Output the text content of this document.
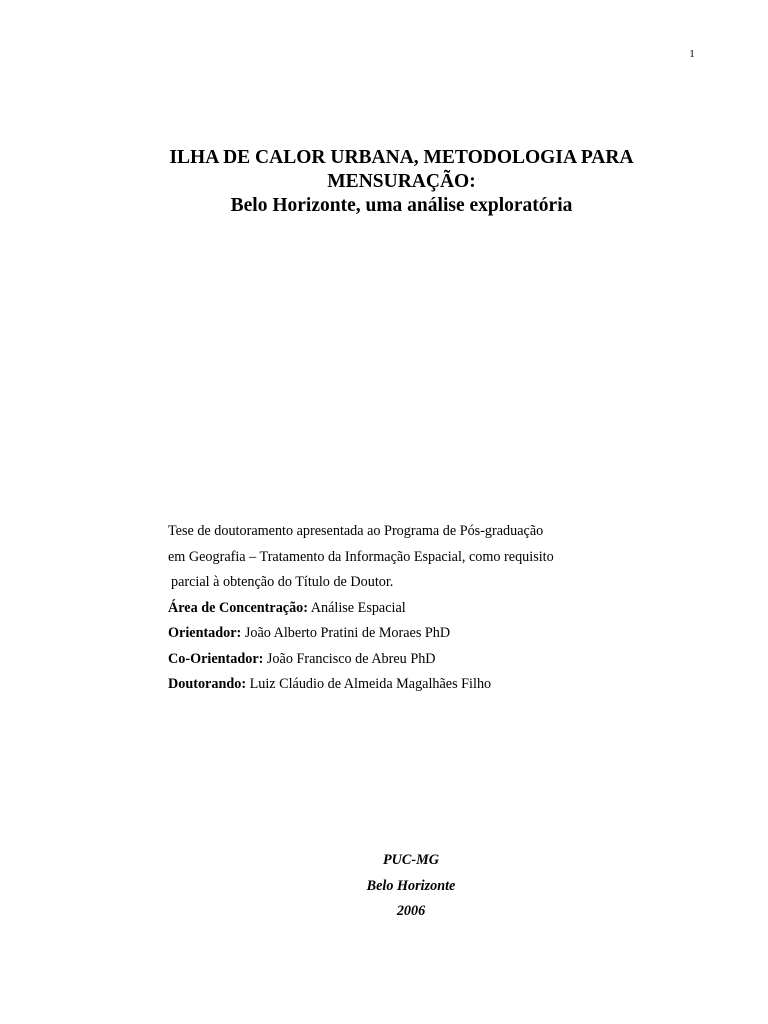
1
ILHA DE CALOR URBANA, METODOLOGIA PARA
MENSURAÇÃO:
Belo Horizonte, uma análise exploratória
Tese de doutoramento apresentada ao Programa de Pós-graduação
em Geografia – Tratamento da Informação Espacial, como requisito
parcial à obtenção do Título de Doutor.
Área de Concentração: Análise Espacial
Orientador: João Alberto Pratini de Moraes PhD
Co-Orientador: João Francisco de Abreu PhD
Doutorando: Luiz Cláudio de Almeida Magalhães Filho
PUC-MG
Belo Horizonte
2006
